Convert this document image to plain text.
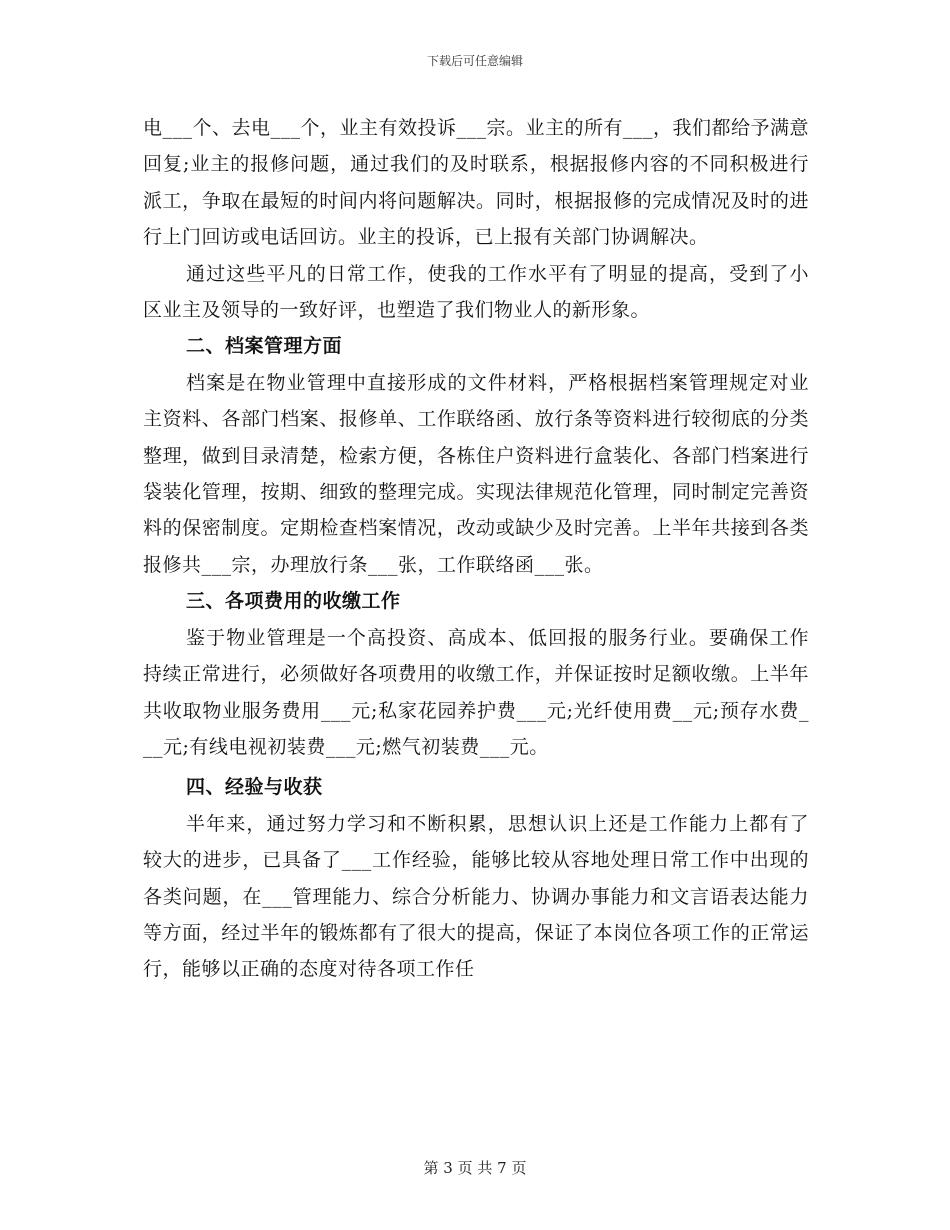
下载后可任意编辑

电___个、去电___个，业主有效投诉___宗。业主的所有___，我们都给予满意回复;业主的报修问题，通过我们的及时联系，根据报修内容的不同积极进行派工，争取在最短的时间内将问题解决。同时，根据报修的完成情况及时的进行上门回访或电话回访。业主的投诉，已上报有关部门协调解决。

通过这些平凡的日常工作，使我的工作水平有了明显的提高，受到了小区业主及领导的一致好评，也塑造了我们物业人的新形象。

二、档案管理方面

档案是在物业管理中直接形成的文件材料，严格根据档案管理规定对业主资料、各部门档案、报修单、工作联络函、放行条等资料进行较彻底的分类整理，做到目录清楚，检索方便，各栋住户资料进行盒装化、各部门档案进行袋装化管理，按期、细致的整理完成。实现法律规范化管理，同时制定完善资料的保密制度。定期检查档案情况，改动或缺少及时完善。上半年共接到各类报修共___宗，办理放行条___张，工作联络函___张。

三、各项费用的收缴工作

鉴于物业管理是一个高投资、高成本、低回报的服务行业。要确保工作持续正常进行，必须做好各项费用的收缴工作，并保证按时足额收缴。上半年共收取物业服务费用___元;私家花园养护费___元;光纤使用费__元;预存水费___元;有线电视初装费___元;燃气初装费___元。

四、经验与收获

半年来，通过努力学习和不断积累，思想认识上还是工作能力上都有了较大的进步，已具备了___工作经验，能够比较从容地处理日常工作中出现的各类问题，在___管理能力、综合分析能力、协调办事能力和文言语表达能力等方面，经过半年的锻炼都有了很大的提高，保证了本岗位各项工作的正常运行，能够以正确的态度对待各项工作任

第 3 页 共 7 页
